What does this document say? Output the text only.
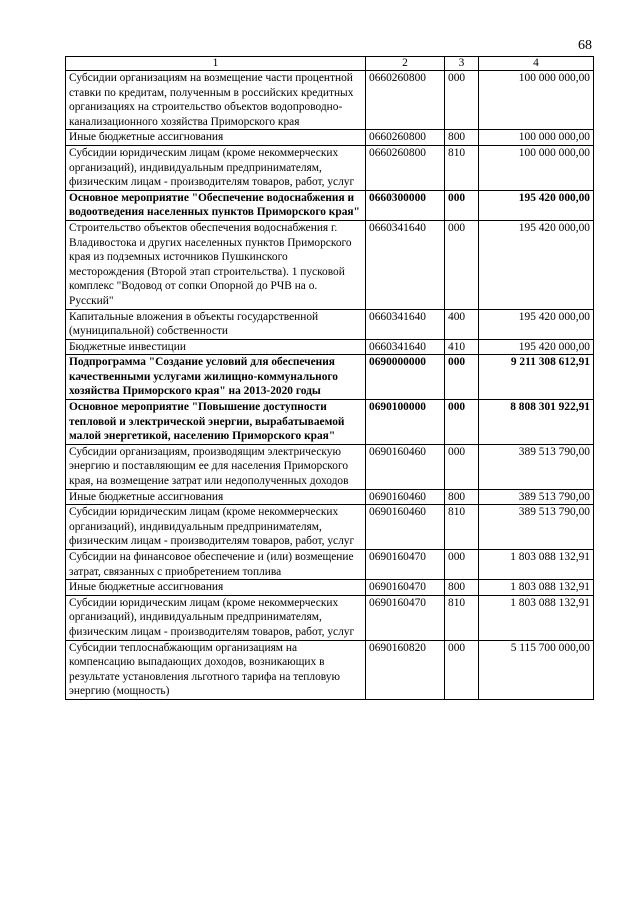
68
1	2	3	4
Субсидии организациям на возмещение части процентной ставки по кредитам, полученным в российских кредитных организациях на строительство объектов водопроводно-канализационного хозяйства Приморского края	0660260800	000	100 000 000,00
Иные бюджетные ассигнования	0660260800	800	100 000 000,00
Субсидии юридическим лицам (кроме некоммерческих организаций), индивидуальным предпринимателям, физическим лицам - производителям товаров, работ, услуг	0660260800	810	100 000 000,00
Основное мероприятие "Обеспечение водоснабжения и водоотведения населенных пунктов Приморского края"	0660300000	000	195 420 000,00
Строительство объектов обеспечения водоснабжения г. Владивостока и других населенных пунктов Приморского края из подземных источников Пушкинского месторождения (Второй этап строительства). 1 пусковой комплекс "Водовод от сопки Опорной до РЧВ на о. Русский"	0660341640	000	195 420 000,00
Капитальные вложения в объекты государственной (муниципальной) собственности	0660341640	400	195 420 000,00
Бюджетные инвестиции	0660341640	410	195 420 000,00
Подпрограмма "Создание условий для обеспечения качественными услугами жилищно-коммунального хозяйства Приморского края" на 2013-2020 годы	0690000000	000	9 211 308 612,91
Основное мероприятие "Повышение доступности тепловой и электрической энергии, вырабатываемой малой энергетикой, населению Приморского края"	0690100000	000	8 808 301 922,91
Субсидии организациям, производящим электрическую энергию и поставляющим ее для населения Приморского края, на возмещение затрат или недополученных доходов	0690160460	000	389 513 790,00
Иные бюджетные ассигнования	0690160460	800	389 513 790,00
Субсидии юридическим лицам (кроме некоммерческих организаций), индивидуальным предпринимателям, физическим лицам - производителям товаров, работ, услуг	0690160460	810	389 513 790,00
Субсидии на финансовое обеспечение и (или) возмещение затрат, связанных с приобретением топлива	0690160470	000	1 803 088 132,91
Иные бюджетные ассигнования	0690160470	800	1 803 088 132,91
Субсидии юридическим лицам (кроме некоммерческих организаций), индивидуальным предпринимателям, физическим лицам - производителям товаров, работ, услуг	0690160470	810	1 803 088 132,91
Субсидии теплоснабжающим организациям на компенсацию выпадающих доходов, возникающих в результате установления льготного тарифа на тепловую энергию (мощность)	0690160820	000	5 115 700 000,00
